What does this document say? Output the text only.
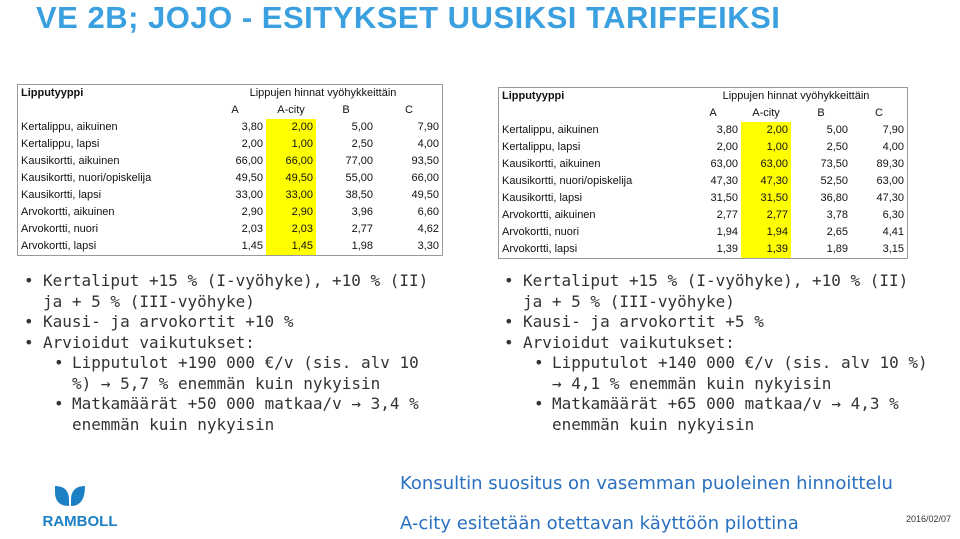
VE 2B; JOJO - ESITYKSET UUSIKSI TARIFFEIKSI
Lipputyyppi	Lippujen hinnat vyöhykkeittäin			
	A	A-city	B	C
Kertalippu, aikuinen	3,80	2,00	5,00	7,90
Kertalippu, lapsi	2,00	1,00	2,50	4,00
Kausikortti, aikuinen	66,00	66,00	77,00	93,50
Kausikortti, nuori/opiskelija	49,50	49,50	55,00	66,00
Kausikortti, lapsi	33,00	33,00	38,50	49,50
Arvokortti, aikuinen	2,90	2,90	3,96	6,60
Arvokortti, nuori	2,03	2,03	2,77	4,62
Arvokortti, lapsi	1,45	1,45	1,98	3,30
Lipputyyppi	Lippujen hinnat vyöhykkeittäin			
	A	A-city	B	C
Kertalippu, aikuinen	3,80	2,00	5,00	7,90
Kertalippu, lapsi	2,00	1,00	2,50	4,00
Kausikortti, aikuinen	63,00	63,00	73,50	89,30
Kausikortti, nuori/opiskelija	47,30	47,30	52,50	63,00
Kausikortti, lapsi	31,50	31,50	36,80	47,30
Arvokortti, aikuinen	2,77	2,77	3,78	6,30
Arvokortti, nuori	1,94	1,94	2,65	4,41
Arvokortti, lapsi	1,39	1,39	1,89	3,15
• Kertaliput +15 % (I-vyöhyke), +10 % (II) ja + 5 % (III-vyöhyke)
• Kausi- ja arvokortit +10 %
• Arvioidut vaikutukset:
• Lipputulot +190 000 €/v (sis. alv 10 %) → 5,7 % enemmän kuin nykyisin
• Matkamäärät +50 000 matkaa/v → 3,4 % enemmän kuin nykyisin
• Kertaliput +15 % (I-vyöhyke), +10 % (II) ja + 5 % (III-vyöhyke)
• Kausi- ja arvokortit +5 %
• Arvioidut vaikutukset:
• Lipputulot +140 000 €/v (sis. alv 10 %) → 4,1 % enemmän kuin nykyisin
• Matkamäärät +65 000 matkaa/v → 4,3 % enemmän kuin nykyisin
RAMBOLL
Konsultin suositus on vasemman puoleinen hinnoittelu
A-city esitetään otettavan käyttöön pilottina	2016/02/07
